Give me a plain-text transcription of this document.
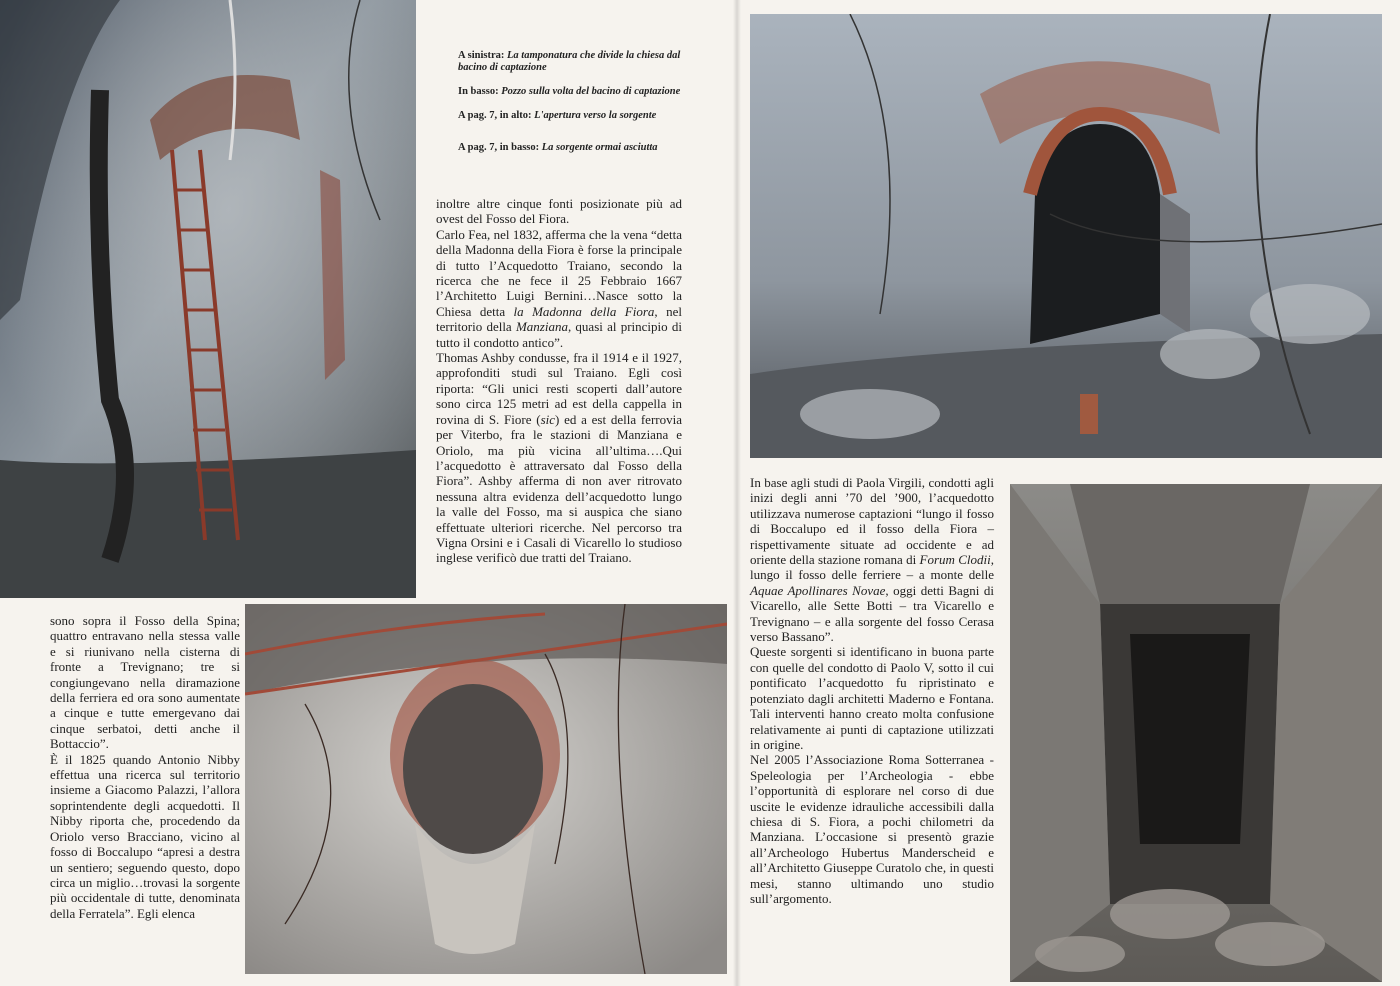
A sinistra: La tamponatura che divide la chiesa dal bacino di captazione

In basso: Pozzo sulla volta del bacino di captazione

A pag. 7, in alto: L'apertura verso la sorgente

A pag. 7, in basso: La sorgente ormai asciutta

inoltre altre cinque fonti posizionate più ad ovest del Fosso del Fiora.

Carlo Fea, nel 1832, afferma che la vena “detta della Madonna della Fiora è forse la principale di tutto l’Acquedotto Traiano, secondo la ricerca che ne fece il 25 Febbraio 1667 l’Architetto Luigi Bernini…Nasce sotto la Chiesa detta la Madonna della Fiora, nel territorio della Manziana, quasi al principio di tutto il condotto antico”.

Thomas Ashby condusse, fra il 1914 e il 1927, approfonditi studi sul Traiano. Egli così riporta: “Gli unici resti scoperti dall’autore sono circa 125 metri ad est della cappella in rovina di S. Fiore (sic) ed a est della ferrovia per Viterbo, fra le stazioni di Manziana e Oriolo, ma più vicina all’ultima….Qui l’acquedotto è attraversato dal Fosso della Fiora”. Ashby afferma di non aver ritrovato nessuna altra evidenza dell’acquedotto lungo la valle del Fosso, ma si auspica che siano effettuate ulteriori ricerche. Nel percorso tra Vigna Orsini e i Casali di Vicarello lo studioso inglese verificò due tratti del Traiano.

sono sopra il Fosso della Spina; quattro entravano nella stessa valle e si riunivano nella cisterna di fronte a Trevignano; tre si congiungevano nella diramazione della ferriera ed ora sono aumentate a cinque e tutte emergevano dai cinque serbatoi, detti anche il Bottaccio”.

È il 1825 quando Antonio Nibby effettua una ricerca sul territorio insieme a Giacomo Palazzi, l’allora soprintendente degli acquedotti. Il Nibby riporta che, procedendo da Oriolo verso Bracciano, vicino al fosso di Boccalupo “apresi a destra un sentiero; seguendo questo, dopo circa un miglio…trovasi la sorgente più occidentale di tutte, denominata della Ferratela”. Egli elenca

In base agli studi di Paola Virgili, condotti agli inizi degli anni ’70 del ’900, l’acquedotto utilizzava numerose captazioni “lungo il fosso di Boccalupo ed il fosso della Fiora – rispettivamente situate ad occidente e ad oriente della stazione romana di Forum Clodii, lungo il fosso delle ferriere – a monte delle Aquae Apollinares Novae, oggi detti Bagni di Vicarello, alle Sette Botti – tra Vicarello e Trevignano – e alla sorgente del fosso Cerasa verso Bassano”.

Queste sorgenti si identificano in buona parte con quelle del condotto di Paolo V, sotto il cui pontificato l’acquedotto fu ripristinato e potenziato dagli architetti Maderno e Fontana. Tali interventi hanno creato molta confusione relativamente ai punti di captazione utilizzati in origine.

Nel 2005 l’Associazione Roma Sotterranea - Speleologia per l’Archeologia - ebbe l’opportunità di esplorare nel corso di due uscite le evidenze idrauliche accessibili dalla chiesa di S. Fiora, a pochi chilometri da Manziana. L’occasione si presentò grazie all’Archeologo Hubertus Manderscheid e all’Architetto Giuseppe Curatolo che, in questi mesi, stanno ultimando uno studio sull’argomento.
